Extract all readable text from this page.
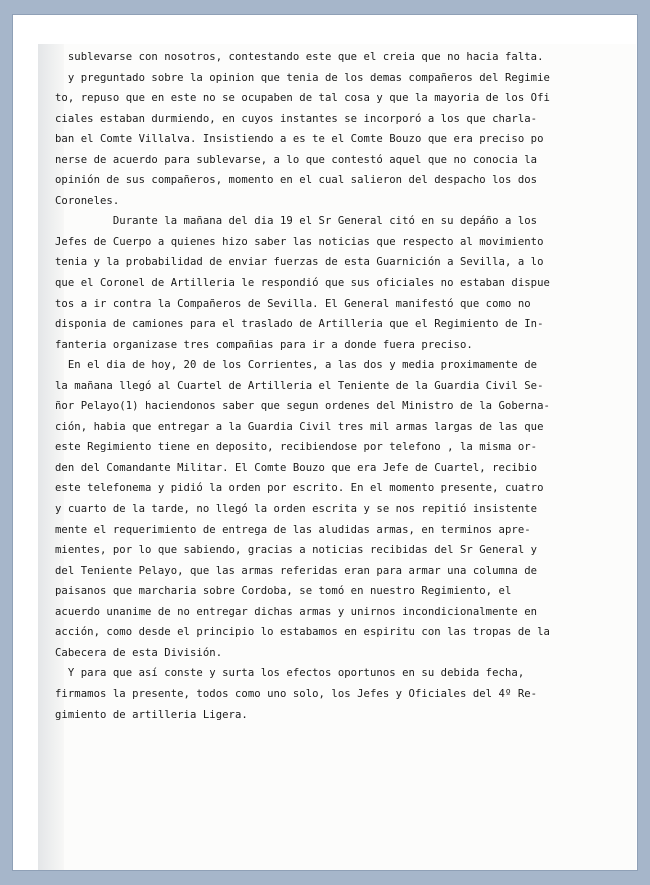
sublevarse con nosotros, contestando este que el creia que no hacia falta.
y preguntado sobre la opinion que tenia de los demas compañeros del Regimie
to, repuso que en este no se ocupaben de tal cosa y que la mayoria de los Ofi
ciales estaban durmiendo, en cuyos instantes se incorporó a los que charla-
ban el Comte Villalva. Insistiendo a es te el Comte Bouzo que era preciso po
nerse de acuerdo para sublevarse, a lo que contestó aquel que no conocia la
opinión de sus compañeros, momento en el cual salieron del despacho los dos
Coroneles.
Durante la mañana del dia 19 el Sr General citó en su depáño a los
Jefes de Cuerpo a quienes hizo saber las noticias que respecto al movimiento
tenia y la probabilidad de enviar fuerzas de esta Guarnición a Sevilla, a lo
que el Coronel de Artilleria le respondió que sus oficiales no estaban dispue
tos a ir contra la Compañeros de Sevilla. El General manifestó que como no
disponia de camiones para el traslado de Artilleria que el Regimiento de In-
fanteria organizase tres compañias para ir a donde fuera preciso.
En el dia de hoy, 20 de los Corrientes, a las dos y media proximamente de
la mañana llegó al Cuartel de Artilleria el Teniente de la Guardia Civil Se-
ñor Pelayo(1) haciendonos saber que segun ordenes del Ministro de la Goberna-
ción, habia que entregar a la Guardia Civil tres mil armas largas de las que
este Regimiento tiene en deposito, recibiendose por telefono , la misma or-
den del Comandante Militar. El Comte Bouzo que era Jefe de Cuartel, recibio
este telefonema y pidió la orden por escrito. En el momento presente, cuatro
y cuarto de la tarde, no llegó la orden escrita y se nos repitió insistente
mente el requerimiento de entrega de las aludidas armas, en terminos apre-
mientes, por lo que sabiendo, gracias a noticias recibidas del Sr General y
del Teniente Pelayo, que las armas referidas eran para armar una columna de
paisanos que marcharia sobre Cordoba, se tomó en nuestro Regimiento, el
acuerdo unanime de no entregar dichas armas y unirnos incondicionalmente en
acción, como desde el principio lo estabamos en espiritu con las tropas de la
Cabecera de esta División.
Y para que así conste y surta los efectos oportunos en su debida fecha,
firmamos la presente, todos como uno solo, los Jefes y Oficiales del 4º Re-
gimiento de artilleria Ligera.
